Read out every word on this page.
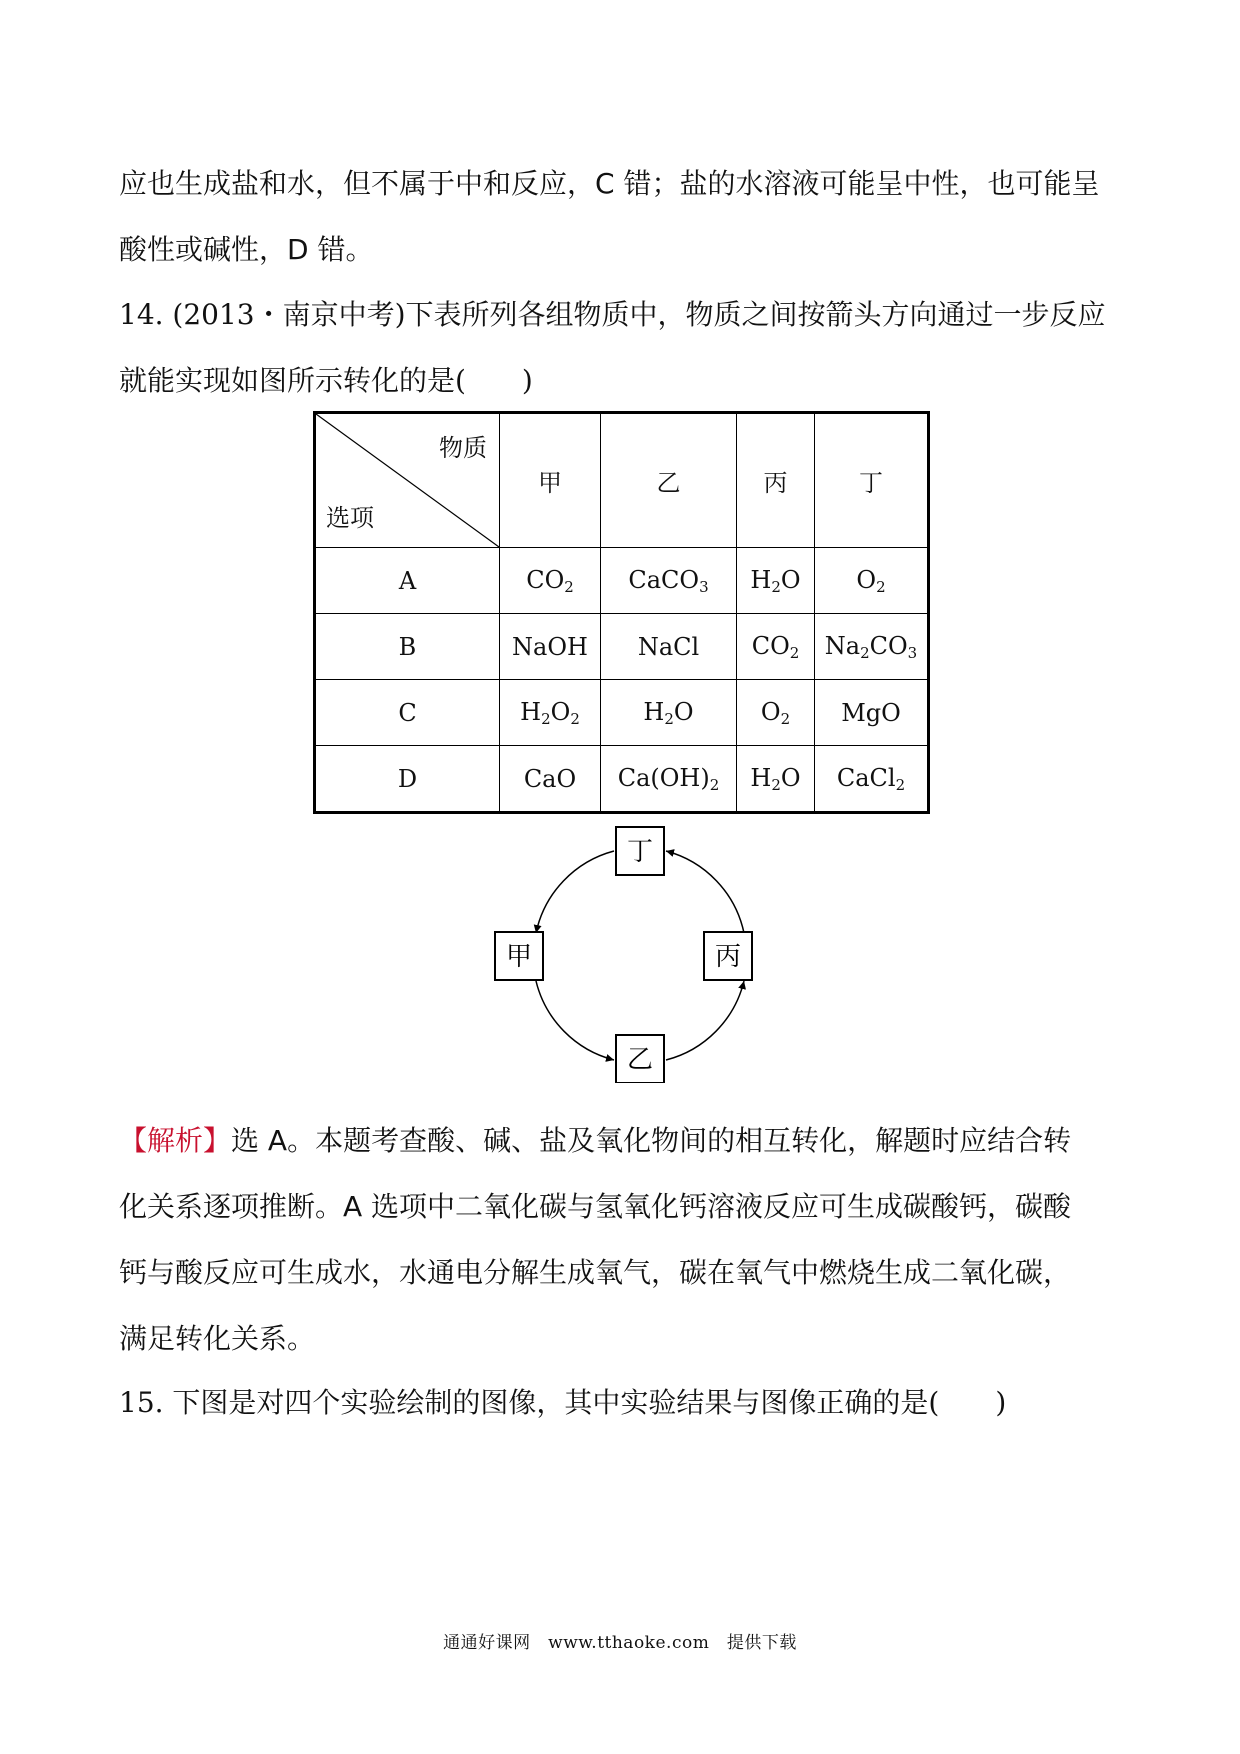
应也生成盐和水，但不属于中和反应，C 错；盐的水溶液可能呈中性，也可能呈
酸性或碱性，D 错。
14. (2013・南京中考)下表所列各组物质中，物质之间按箭头方向通过一步反应
就能实现如图所示转化的是(　　)
物质
选项	甲	乙	丙	丁
A	$CO_2$	CaCO$_3$	$H_2O$	$O_2$
B	NaOH	NaCl	$CO_2$	$Na_2CO_3$
C	$H_2O_2$	$H_2O$	$O_2$	MgO
D	CaO	$Ca(OH)_2$	$H_2O$	CaCl$_2$
丁
甲	丙
乙
【解析】选 A。本题考查酸、碱、盐及氧化物间的相互转化，解题时应结合转
化关系逐项推断。A 选项中二氧化碳与氢氧化钙溶液反应可生成碳酸钙，碳酸
钙与酸反应可生成水，水通电分解生成氧气，碳在氧气中燃烧生成二氧化碳，
满足转化关系。
15. 下图是对四个实验绘制的图像，其中实验结果与图像正确的是(　　)
通通好课网　www.tthaoke.com　提供下载
